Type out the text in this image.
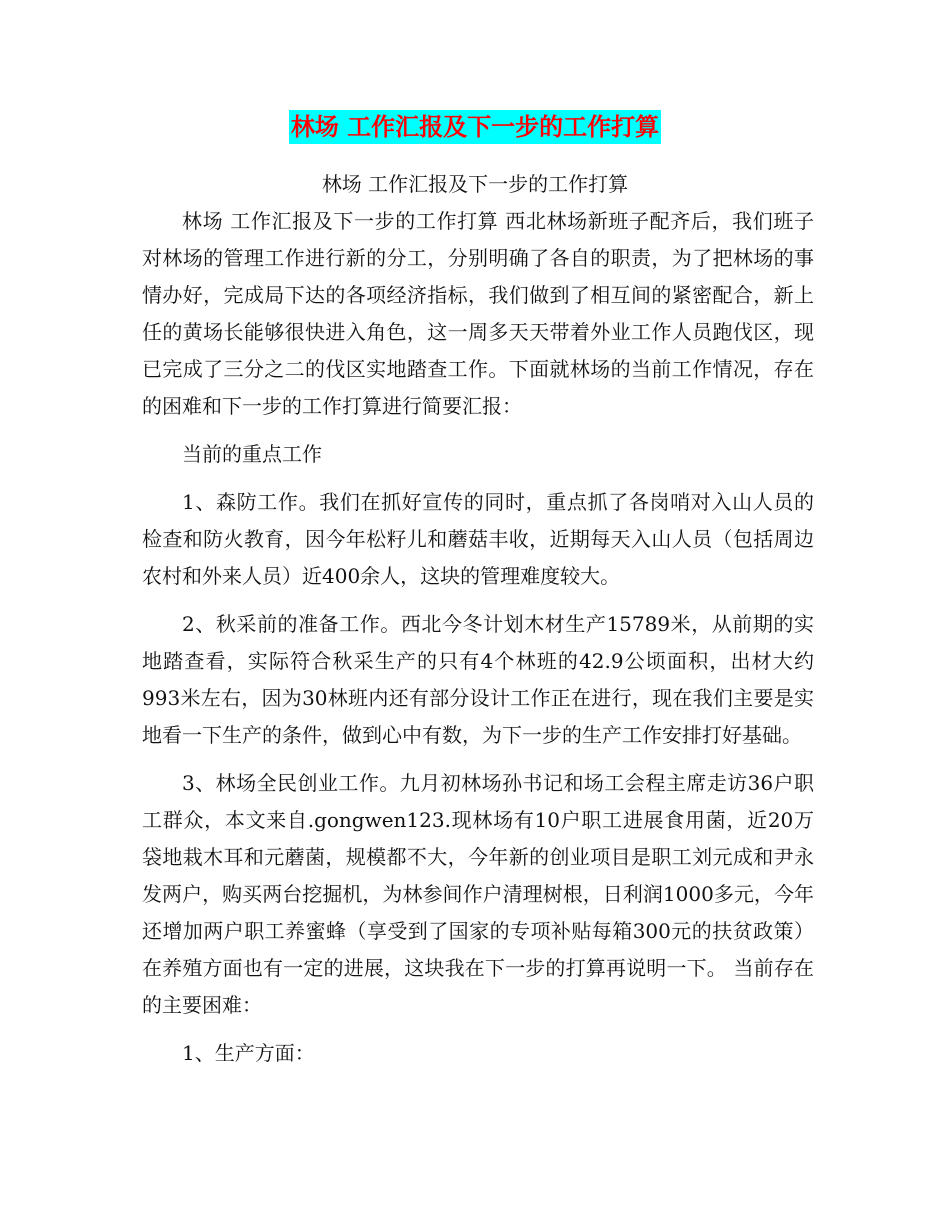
林场 工作汇报及下一步的工作打算
林场 工作汇报及下一步的工作打算

林场 工作汇报及下一步的工作打算 西北林场新班子配齐后，我们班子对林场的管理工作进行新的分工，分别明确了各自的职责，为了把林场的事情办好，完成局下达的各项经济指标，我们做到了相互间的紧密配合，新上任的黄场长能够很快进入角色，这一周多天天带着外业工作人员跑伐区，现已完成了三分之二的伐区实地踏查工作。下面就林场的当前工作情况，存在的困难和下一步的工作打算进行简要汇报：

当前的重点工作

1、森防工作。我们在抓好宣传的同时，重点抓了各岗哨对入山人员的检查和防火教育，因今年松籽儿和蘑菇丰收，近期每天入山人员（包括周边农村和外来人员）近400余人，这块的管理难度较大。

2、秋采前的准备工作。西北今冬计划木材生产15789米，从前期的实地踏查看，实际符合秋采生产的只有4个林班的42.9公顷面积，出材大约993米左右，因为30林班内还有部分设计工作正在进行，现在我们主要是实地看一下生产的条件，做到心中有数，为下一步的生产工作安排打好基础。

3、林场全民创业工作。九月初林场孙书记和场工会程主席走访36户职工群众，本文来自.gongwen123.现林场有10户职工进展食用菌，近20万袋地栽木耳和元蘑菌，规模都不大，今年新的创业项目是职工刘元成和尹永发两户，购买两台挖掘机，为林参间作户清理树根，日利润1000多元，今年还增加两户职工养蜜蜂（享受到了国家的专项补贴每箱300元的扶贫政策）在养殖方面也有一定的进展，这块我在下一步的打算再说明一下。 当前存在的主要困难：

1、生产方面：
